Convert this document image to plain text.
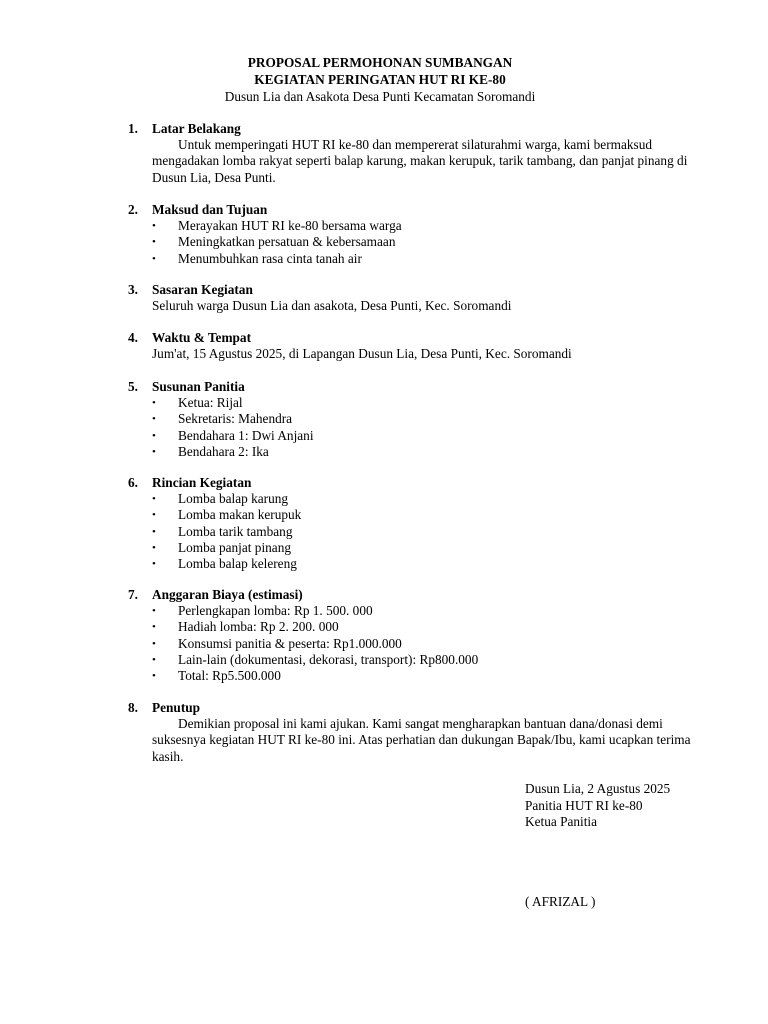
PROPOSAL PERMOHONAN SUMBANGAN
KEGIATAN PERINGATAN HUT RI KE-80
Dusun Lia dan Asakota Desa Punti Kecamatan Soromandi
1.	Latar Belakang
Untuk memperingati HUT RI ke-80 dan mempererat silaturahmi warga, kami bermaksud mengadakan lomba rakyat seperti balap karung, makan kerupuk, tarik tambang, dan panjat pinang di Dusun Lia, Desa Punti.
2.	Maksud dan Tujuan
•	Merayakan HUT RI ke-80 bersama warga
•	Meningkatkan persatuan & kebersamaan
•	Menumbuhkan rasa cinta tanah air
3.	Sasaran Kegiatan
Seluruh warga Dusun Lia dan asakota, Desa Punti, Kec. Soromandi
4.	Waktu & Tempat
Jum'at, 15 Agustus 2025, di Lapangan Dusun Lia, Desa Punti, Kec. Soromandi
5.	Susunan Panitia
•	Ketua: Rijal
•	Sekretaris: Mahendra
•	Bendahara 1: Dwi Anjani
•	Bendahara 2: Ika
6.	Rincian Kegiatan
•	Lomba balap karung
•	Lomba makan kerupuk
•	Lomba tarik tambang
•	Lomba panjat pinang
•	Lomba balap kelereng
7.	Anggaran Biaya (estimasi)
•	Perlengkapan lomba: Rp 1. 500. 000
•	Hadiah lomba: Rp 2. 200. 000
•	Konsumsi panitia & peserta: Rp1.000.000
•	Lain-lain (dokumentasi, dekorasi, transport): Rp800.000
•	Total: Rp5.500.000
8.	Penutup
Demikian proposal ini kami ajukan. Kami sangat mengharapkan bantuan dana/donasi demi suksesnya kegiatan HUT RI ke-80 ini. Atas perhatian dan dukungan Bapak/Ibu, kami ucapkan terima kasih.
Dusun Lia, 2 Agustus 2025
Panitia HUT RI ke-80
Ketua Panitia
( AFRIZAL )
